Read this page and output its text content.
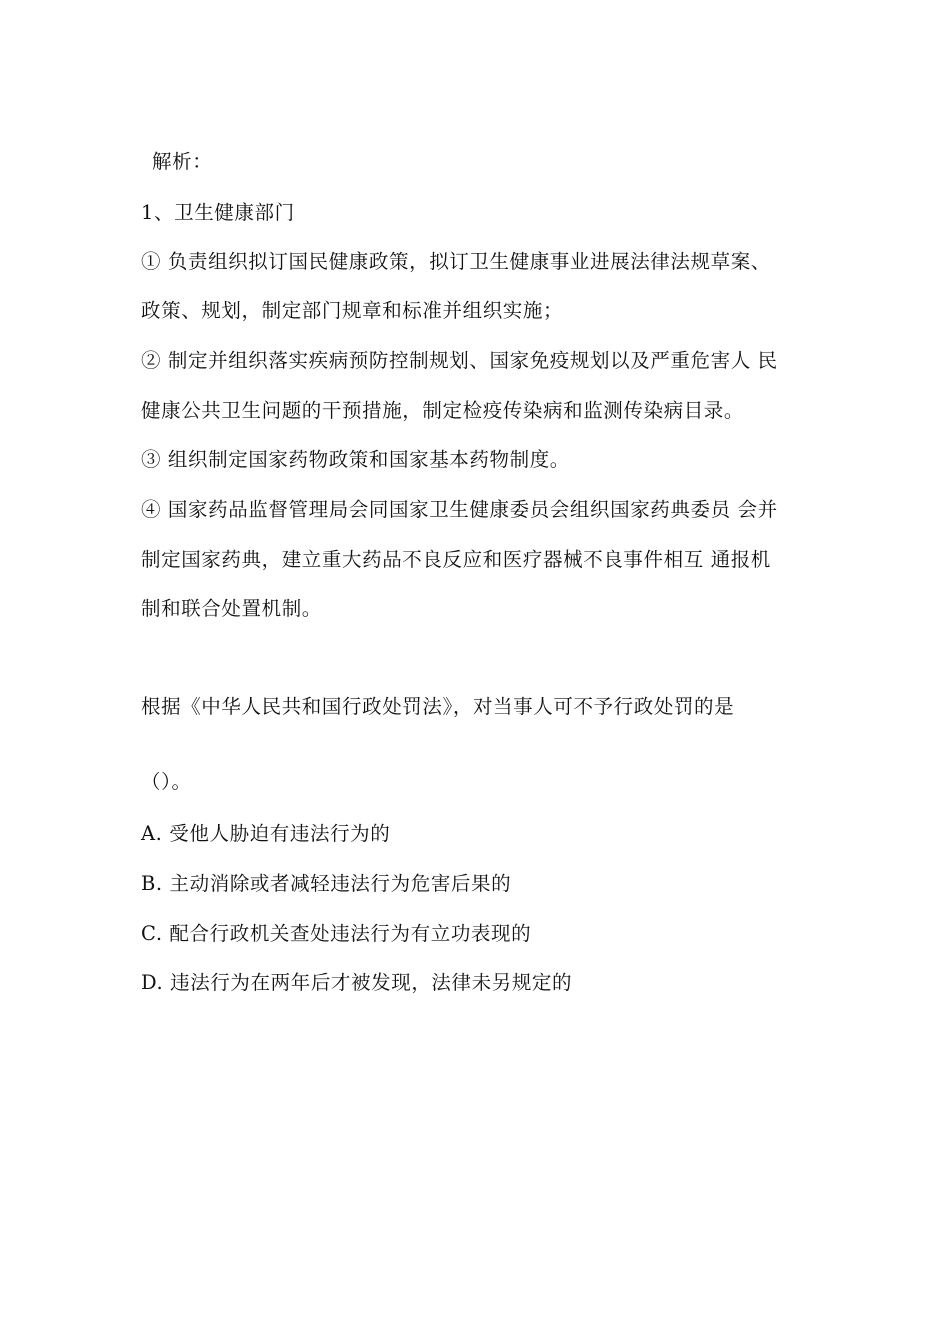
解析：
1、卫生健康部门
① 负责组织拟订国民健康政策，拟订卫生健康事业进展法律法规草案、
政策、规划，制定部门规章和标准并组织实施；
② 制定并组织落实疾病预防控制规划、国家免疫规划以及严重危害人 民
健康公共卫生问题的干预措施，制定检疫传染病和监测传染病目录。
③ 组织制定国家药物政策和国家基本药物制度。
④ 国家药品监督管理局会同国家卫生健康委员会组织国家药典委员 会并
制定国家药典，建立重大药品不良反应和医疗器械不良事件相互 通报机
制和联合处置机制。
根据《中华人民共和国行政处罚法》，对当事人可不予行政处罚的是
（）。
A. 受他人胁迫有违法行为的
B. 主动消除或者减轻违法行为危害后果的
C. 配合行政机关查处违法行为有立功表现的
D. 违法行为在两年后才被发现，法律未另规定的
